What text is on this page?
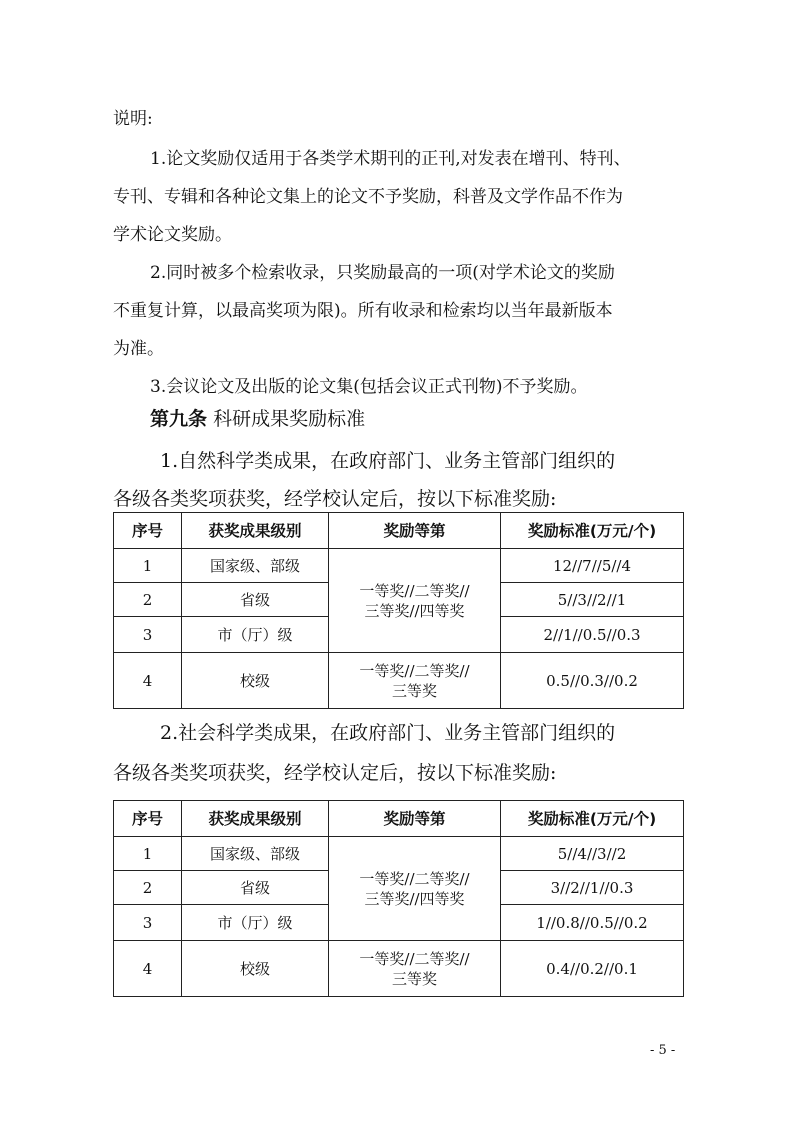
说明:
1.论文奖励仅适用于各类学术期刊的正刊,对发表在增刊、特刊、
专刊、专辑和各种论文集上的论文不予奖励，科普及文学作品不作为
学术论文奖励。
2.同时被多个检索收录，只奖励最高的一项(对学术论文的奖励
不重复计算，以最高奖项为限)。所有收录和检索均以当年最新版本
为准。
3.会议论文及出版的论文集(包括会议正式刊物)不予奖励。
第九条 科研成果奖励标准
1.自然科学类成果，在政府部门、业务主管部门组织的
各级各类奖项获奖，经学校认定后，按以下标准奖励:
序号	获奖成果级别	奖励等第	奖励标准(万元/个)
1	国家级、部级	一等奖//二等奖//
三等奖//四等奖	12//7//5//4
2	省级		5//3//2//1
3	市（厅）级		2//1//0.5//0.3
4	校级	一等奖//二等奖//
三等奖	0.5//0.3//0.2
2.社会科学类成果，在政府部门、业务主管部门组织的
各级各类奖项获奖，经学校认定后，按以下标准奖励:
序号	获奖成果级别	奖励等第	奖励标准(万元/个)
1	国家级、部级	一等奖//二等奖//
三等奖//四等奖	5//4//3//2
2	省级		3//2//1//0.3
3	市（厅）级		1//0.8//0.5//0.2
4	校级	一等奖//二等奖//
三等奖	0.4//0.2//0.1
- 5 -
